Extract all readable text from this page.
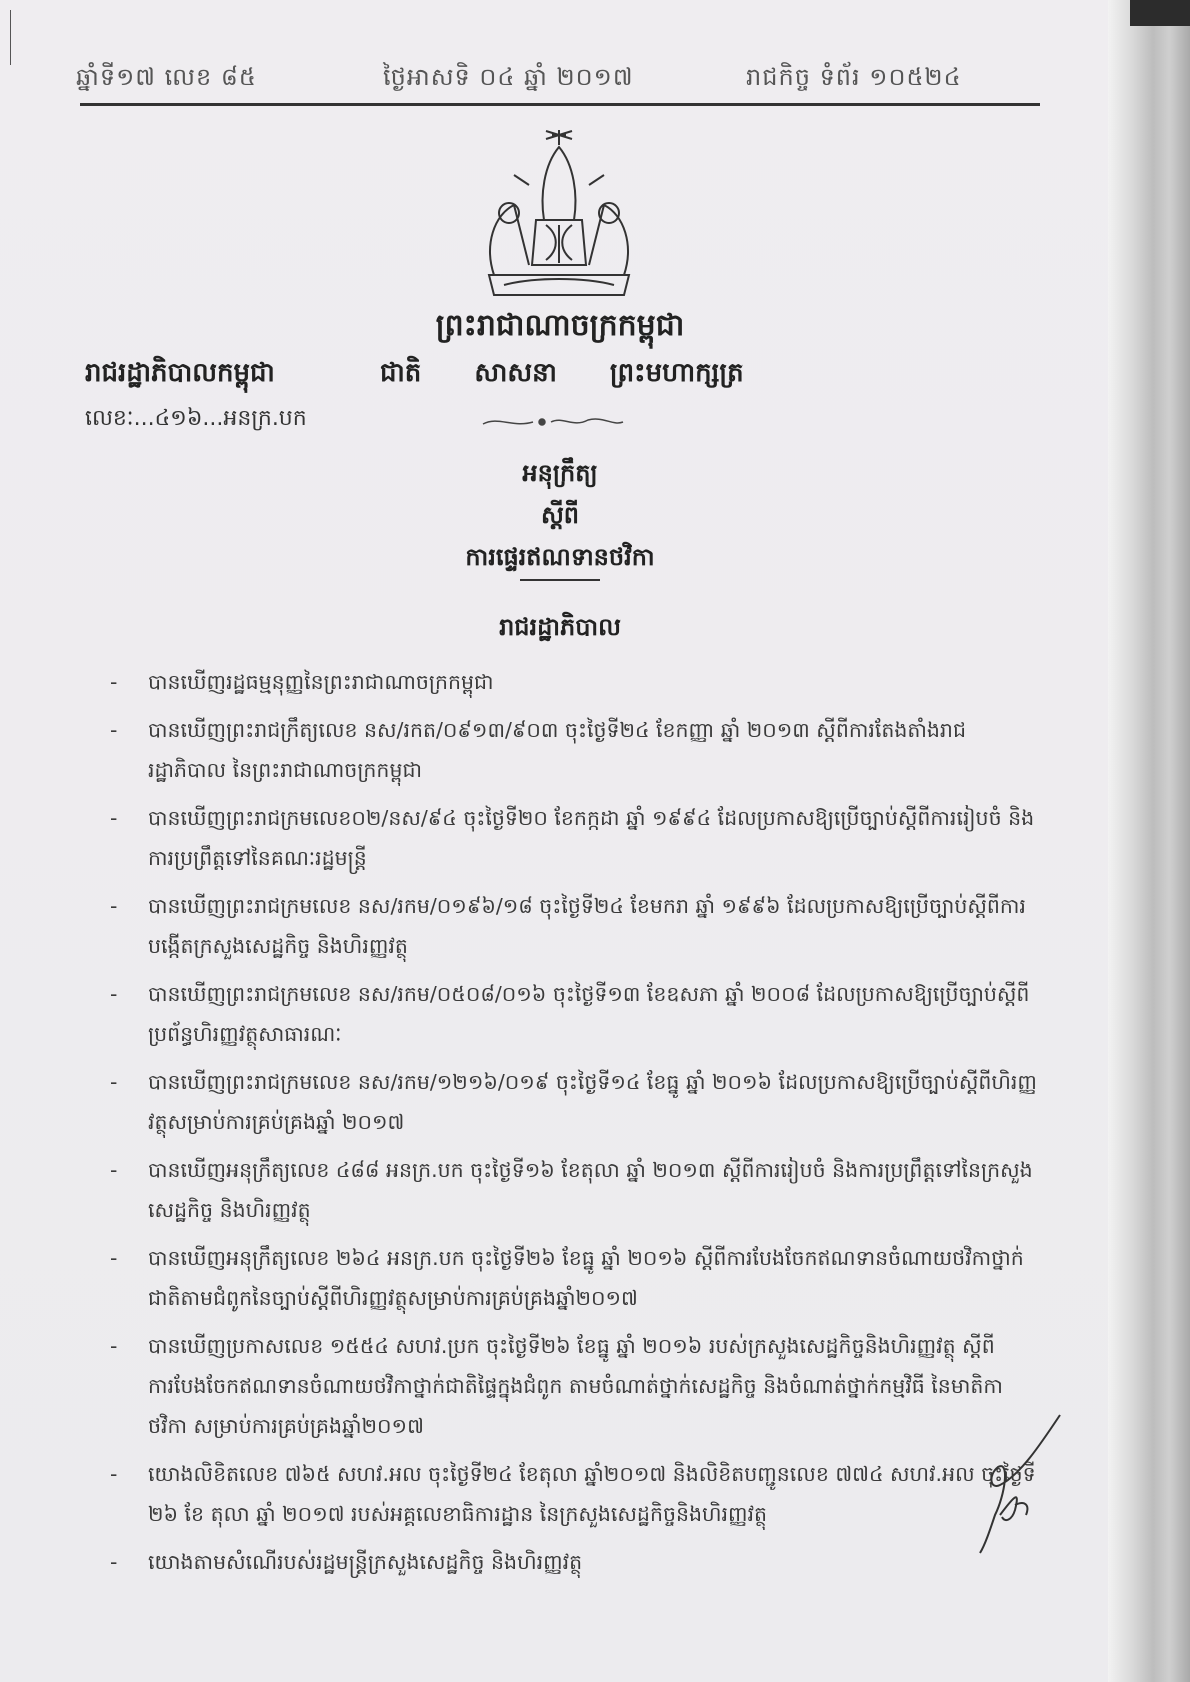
ឆ្នាំទី១៧ លេខ ៨៥	ថ្ងៃអាសទិ ០៤ ឆ្នាំ ២០១៧	រាជកិច្ច ទំព័រ ១០៥២៤
ព្រះរាជាណាចក្រកម្ពុជា
ជាតិ សាសនា ព្រះមហាក្សត្រ
រាជរដ្ឋាភិបាលកម្ពុជា
លេខៈ...៤១៦...អនក្រ.បក
អនុក្រឹត្យ
ស្តីពី
ការផ្ទេរឥណទានថវិកា
រាជរដ្ឋាភិបាល
- បានឃើញរដ្ឋធម្មនុញ្ញនៃព្រះរាជាណាចក្រកម្ពុជា
- បានឃើញព្រះរាជក្រឹត្យលេខ នស/រកត/០៩១៣/៩០៣ ចុះថ្ងៃទី២៤ ខែកញ្ញា ឆ្នាំ ២០១៣ ស្តីពីការតែងតាំងរាជរដ្ឋាភិបាល នៃព្រះរាជាណាចក្រកម្ពុជា
- បានឃើញព្រះរាជក្រមលេខ០២/នស/៩៤ ចុះថ្ងៃទី២០ ខែកក្កដា ឆ្នាំ ១៩៩៤ ដែលប្រកាសឱ្យប្រើច្បាប់ស្តីពីការរៀបចំ និងការប្រព្រឹត្តទៅនៃគណៈរដ្ឋមន្ត្រី
- បានឃើញព្រះរាជក្រមលេខ នស/រកម/០១៩៦/១៨ ចុះថ្ងៃទី២៤ ខែមករា ឆ្នាំ ១៩៩៦ ដែលប្រកាសឱ្យប្រើច្បាប់ស្តីពីការបង្កើតក្រសួងសេដ្ឋកិច្ច និងហិរញ្ញវត្ថុ
- បានឃើញព្រះរាជក្រមលេខ នស/រកម/០៥០៨/០១៦ ចុះថ្ងៃទី១៣ ខែឧសភា ឆ្នាំ ២០០៨ ដែលប្រកាសឱ្យប្រើច្បាប់ស្តីពីប្រព័ន្ធហិរញ្ញវត្ថុសាធារណៈ
- បានឃើញព្រះរាជក្រមលេខ នស/រកម/១២១៦/០១៩ ចុះថ្ងៃទី១៤ ខែធ្នូ ឆ្នាំ ២០១៦ ដែលប្រកាសឱ្យប្រើច្បាប់ស្តីពីហិរញ្ញវត្ថុសម្រាប់ការគ្រប់គ្រងឆ្នាំ ២០១៧
- បានឃើញអនុក្រឹត្យលេខ ៤៨៨ អនក្រ.បក ចុះថ្ងៃទី១៦ ខែតុលា ឆ្នាំ ២០១៣ ស្តីពីការរៀបចំ និងការប្រព្រឹត្តទៅនៃក្រសួងសេដ្ឋកិច្ច និងហិរញ្ញវត្ថុ
- បានឃើញអនុក្រឹត្យលេខ ២៦៤ អនក្រ.បក ចុះថ្ងៃទី២៦ ខែធ្នូ ឆ្នាំ ២០១៦ ស្តីពីការបែងចែកឥណទានចំណាយថវិកាថ្នាក់ជាតិតាមជំពូកនៃច្បាប់ស្តីពីហិរញ្ញវត្ថុសម្រាប់ការគ្រប់គ្រងឆ្នាំ២០១៧
- បានឃើញប្រកាសលេខ ១៥៥៤ សហវ.ប្រក ចុះថ្ងៃទី២៦ ខែធ្នូ ឆ្នាំ ២០១៦ របស់ក្រសួងសេដ្ឋកិច្ចនិងហិរញ្ញវត្ថុ ស្តីពីការបែងចែកឥណទានចំណាយថវិកាថ្នាក់ជាតិផ្ទៃក្នុងជំពូក តាមចំណាត់ថ្នាក់សេដ្ឋកិច្ច និងចំណាត់ថ្នាក់កម្មវិធី នៃមាតិកាថវិកា សម្រាប់ការគ្រប់គ្រងឆ្នាំ២០១៧
- យោងលិខិតលេខ ៧៦៥ សហវ.អល ចុះថ្ងៃទី២៤ ខែតុលា ឆ្នាំ២០១៧ និងលិខិតបញ្ជូនលេខ ៧៧៤ សហវ.អល ចុះថ្ងៃទី ២៦ ខែ តុលា ឆ្នាំ ២០១៧ របស់អគ្គលេខាធិការដ្ឋាន នៃក្រសួងសេដ្ឋកិច្ចនិងហិរញ្ញវត្ថុ
- យោងតាមសំណើរបស់រដ្ឋមន្ត្រីក្រសួងសេដ្ឋកិច្ច និងហិរញ្ញវត្ថុ
